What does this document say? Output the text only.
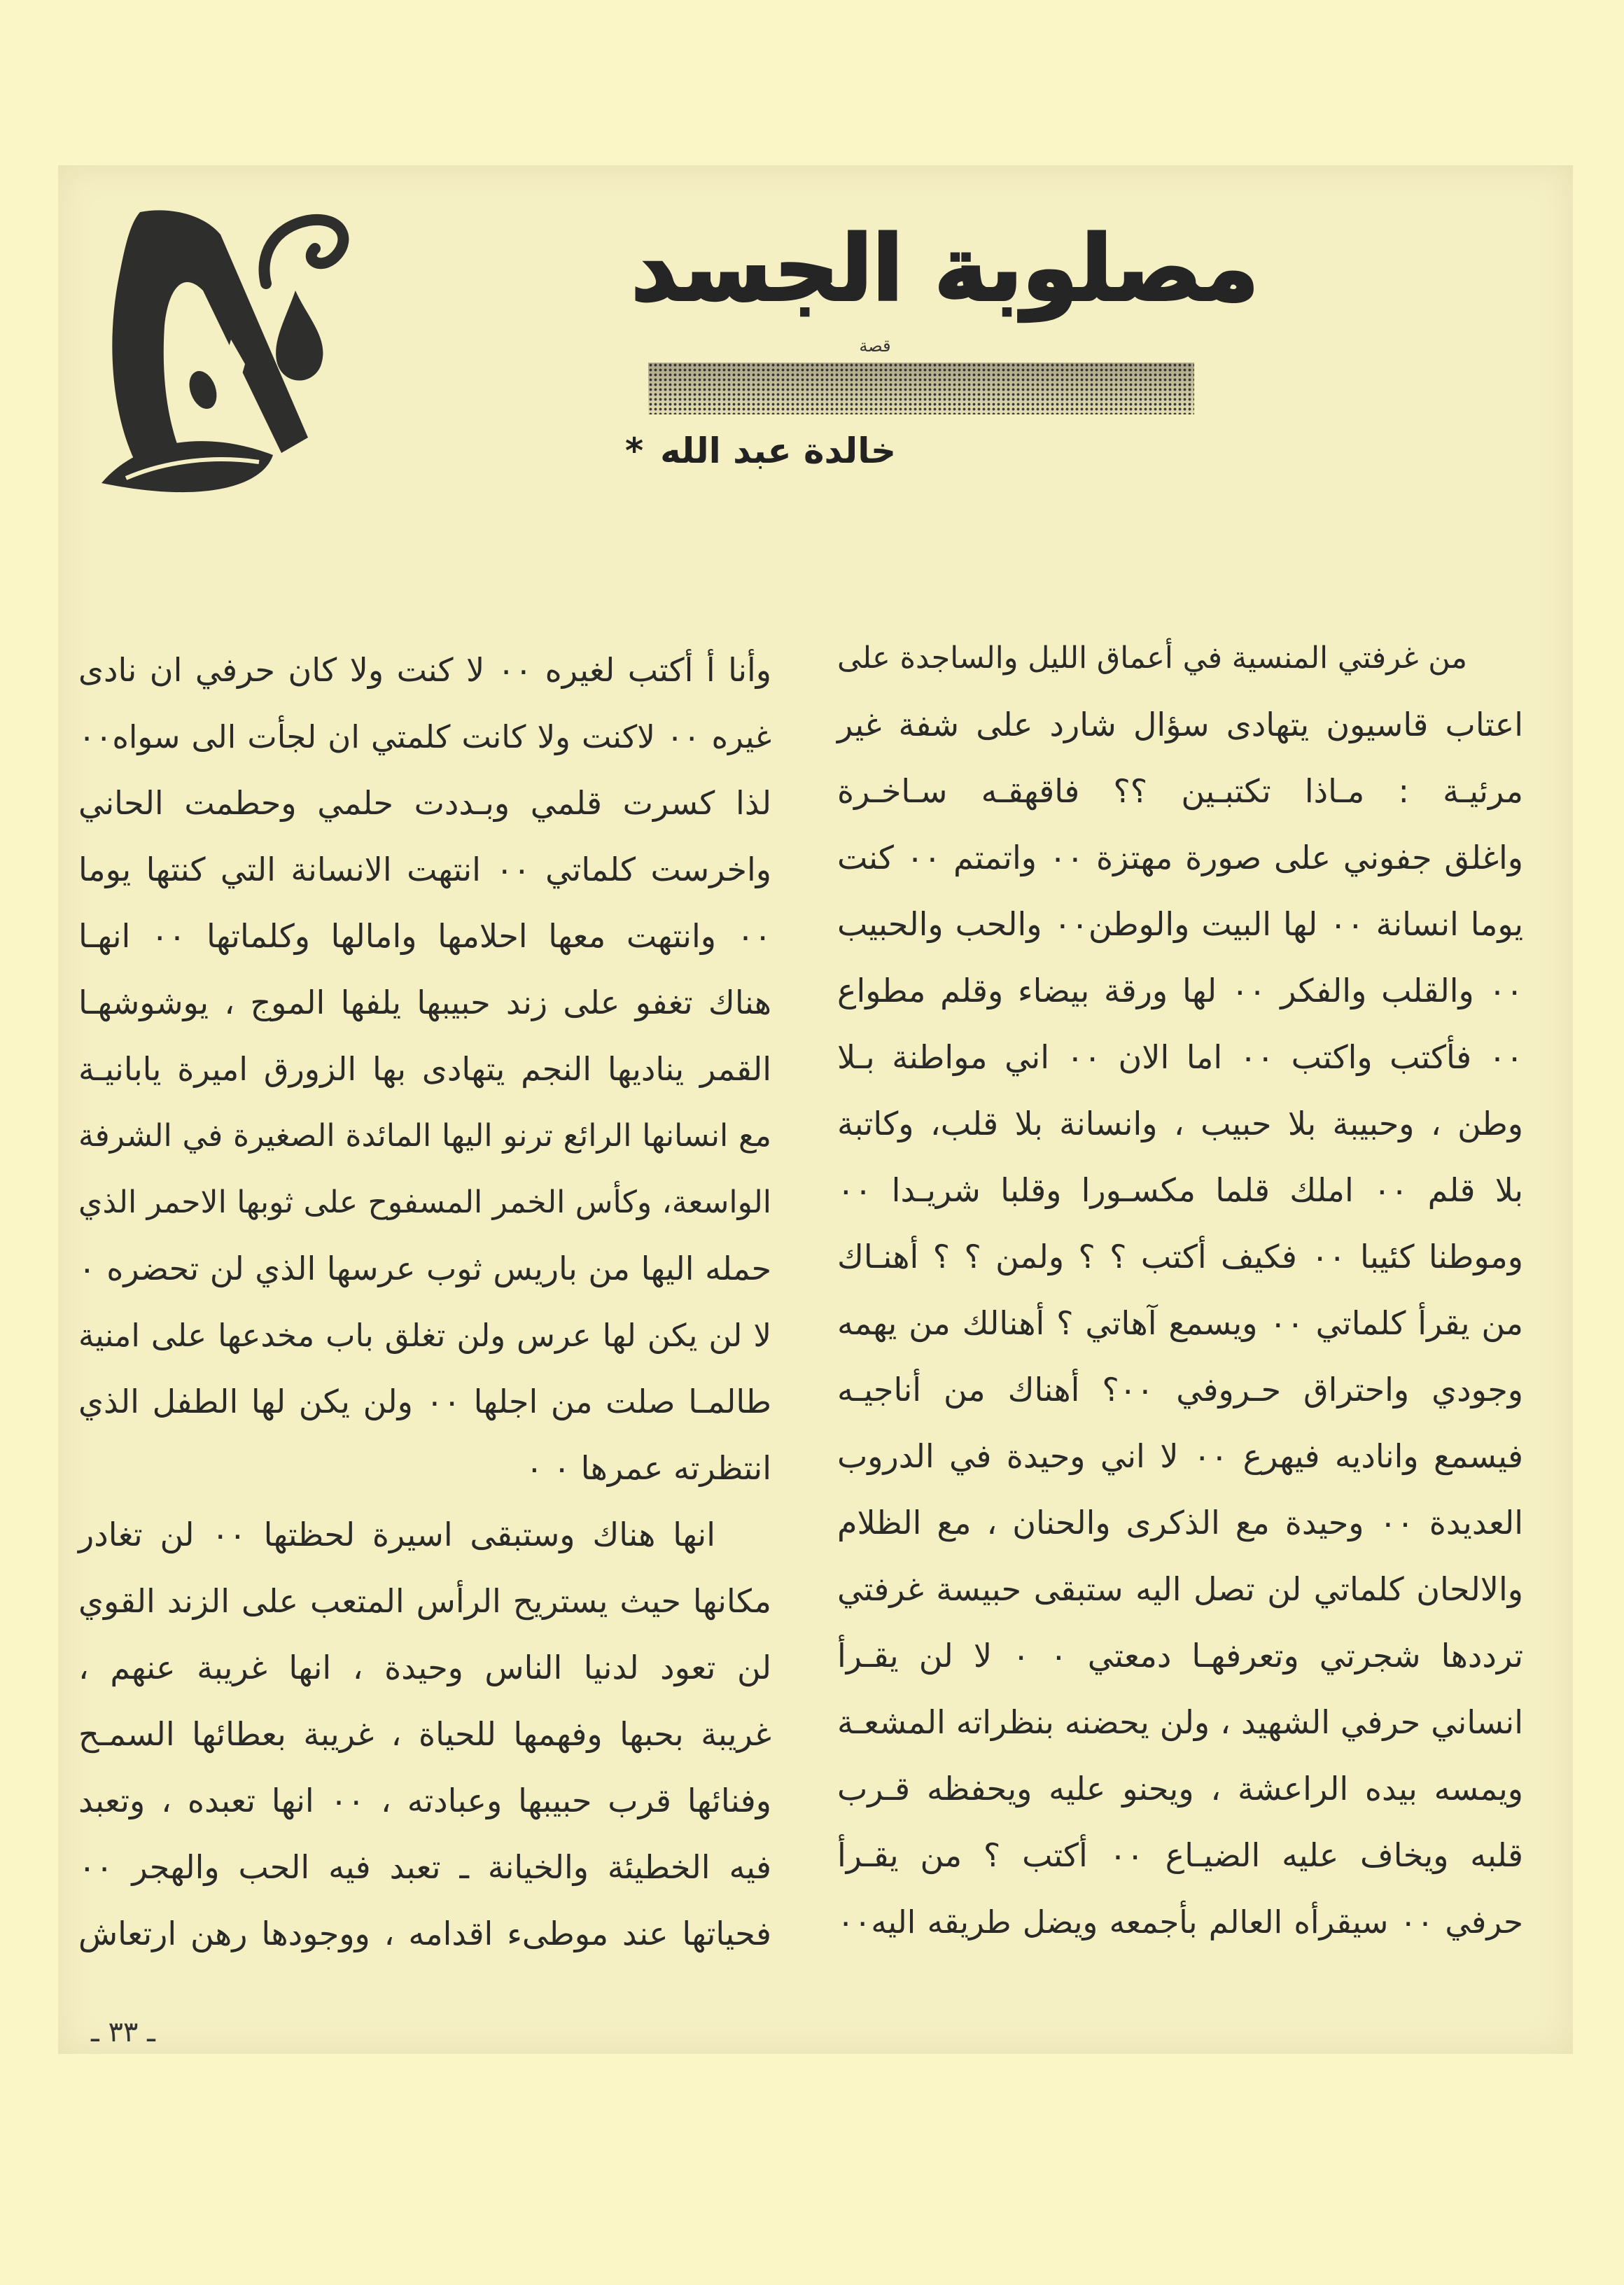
مصلوبة الجسد
قصة
خالدة عبد الله
*
من غرفتي المنسية في أعماق الليل والساجدة على
اعتاب قاسيون يتهادى سؤال شارد على شفة غير
مرئيـة : مـاذا تكتبـين ؟؟ فاقهقـه سـاخـرة
واغلق جفوني على صورة مهتزة ٠٠ واتمتم ٠٠ كنت
يوما انسانة ٠٠ لها البيت والوطن٠٠ والحب والحبيب
٠٠ والقلب والفكر ٠٠ لها ورقة بيضاء وقلم مطواع
٠٠ فأكتب واكتب ٠٠ اما الان ٠٠ اني مواطنة بـلا
وطن ، وحبيبة بلا حبيب ، وانسانة بلا قلب، وكاتبة
بلا قلم ٠٠ املك قلما مكسـورا وقلبا شريـدا ٠٠
وموطنا كئيبا ٠٠ فكيف أكتب ؟ ؟ ولمن ؟ ؟ أهنـاك
من يقرأ كلماتي ٠٠ ويسمع آهاتي ؟ أهنالك من يهمه
وجودي واحتراق حـروفي ٠٠؟ أهناك من أناجيـه
فيسمع واناديه فيهرع ٠٠ لا اني وحيدة في الدروب
العديدة ٠٠ وحيدة مع الذكرى والحنان ، مع الظلام
والالحان كلماتي لن تصل اليه ستبقى حبيسة غرفتي
ترددها شجرتي وتعرفهـا دمعتي ٠ ٠ لا لن يقـرأ
انساني حرفي الشهيد ، ولن يحضنه بنظراته المشعـة
ويمسه بيده الراعشة ، ويحنو عليه ويحفظه قـرب
قلبه ويخاف عليه الضيـاع ٠٠ أكتب ؟ من يقـرأ
حرفي ٠٠ سيقرأه العالم بأجمعه ويضل طريقه اليه٠٠
وأنا أ أكتب لغيره ٠٠ لا كنت ولا كان حرفي ان نادى
غيره ٠٠ لاكنت ولا كانت كلمتي ان لجأت الى سواه٠٠
لذا كسرت قلمي وبـددت حلمي وحطمت الحاني
واخرست كلماتي ٠٠ انتهت الانسانة التي كنتها يوما
٠٠ وانتهت معها احلامها وامالها وكلماتها ٠٠ انهـا
هناك تغفو على زند حبيبها يلفها الموج ، يوشوشهـا
القمر يناديها النجم يتهادى بها الزورق اميرة يابانيـة
مع انسانها الرائع ترنو اليها المائدة الصغيرة في الشرفة
الواسعة، وكأس الخمر المسفوح على ثوبها الاحمر الذي
حمله اليها من باريس ثوب عرسها الذي لن تحضره ٠
لا لن يكن لها عرس ولن تغلق باب مخدعها على امنية
طالمـا صلت من اجلها ٠٠ ولن يكن لها الطفل الذي
انتظرته عمرها ٠ ٠
انها هناك وستبقى اسيرة لحظتها ٠٠ لن تغادر
مكانها حيث يستريح الرأس المتعب على الزند القوي
لن تعود لدنيا الناس وحيدة ، انها غريبة عنهم ،
غريبة بحبها وفهمها للحياة ، غريبة بعطائها السمـح
وفنائها قرب حبيبها وعبادته ، ٠٠ انها تعبده ، وتعبد
فيه الخطيئة والخيانة ـ تعبد فيه الحب والهجر ٠٠
فحياتها عند موطىء اقدامه ، ووجودها رهن ارتعاش
ـ ٣٣ ـ
